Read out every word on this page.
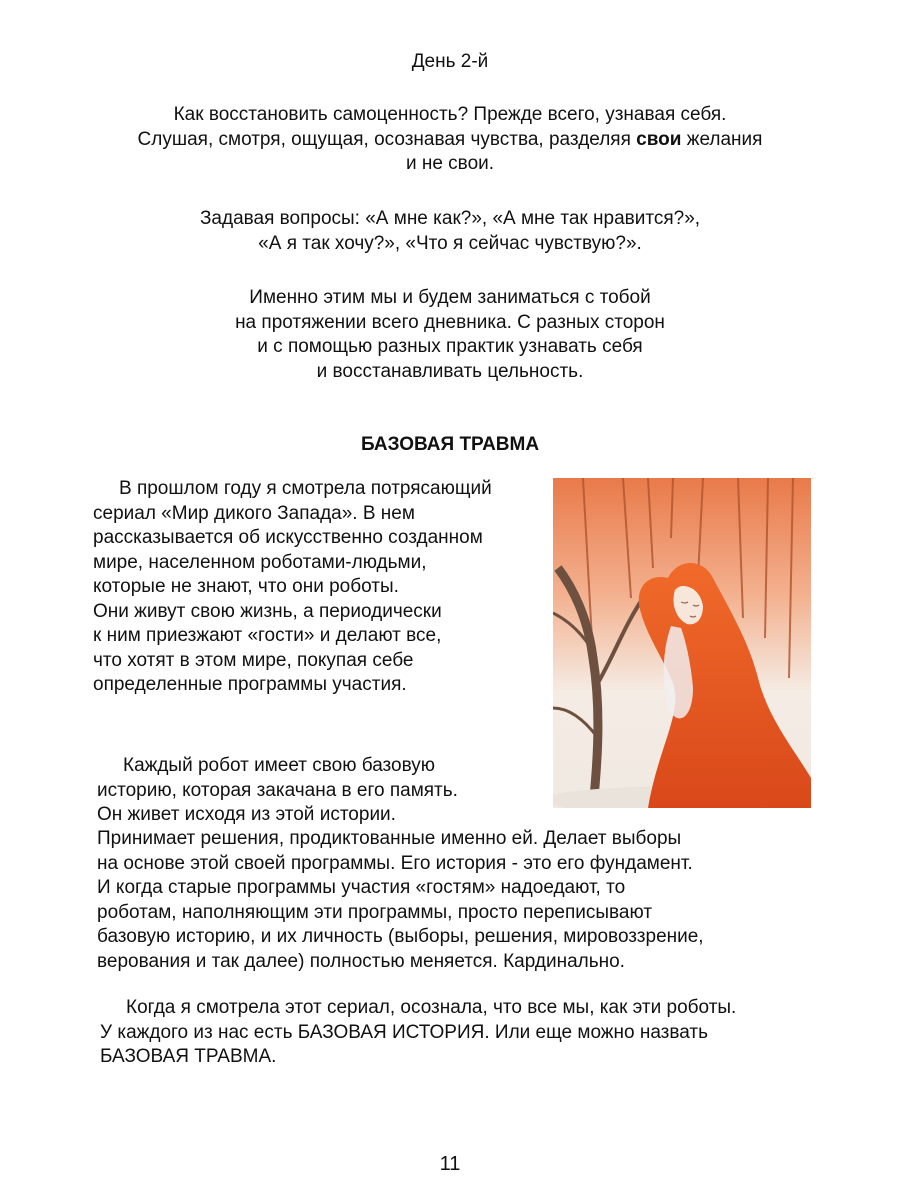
День 2-й

Как восстановить самоценность? Прежде всего, узнавая себя.
Слушая, смотря, ощущая, осознавая чувства, разделяя свои желания
и не свои.

Задавая вопросы: «А мне как?», «А мне так нравится?»,
«А я так хочу?», «Что я сейчас чувствую?».

Именно этим мы и будем заниматься с тобой
на протяжении всего дневника. С разных сторон
и с помощью разных практик узнавать себя
и восстанавливать цельность.

БАЗОВАЯ ТРАВМА

В прошлом году я смотрела потрясающий
сериал «Мир дикого Запада». В нем
рассказывается об искусственно созданном
мире, населенном роботами-людьми,
которые не знают, что они роботы.
Они живут свою жизнь, а периодически
к ним приезжают «гости» и делают все,
что хотят в этом мире, покупая себе
определенные программы участия.

Каждый робот имеет свою базовую
историю, которая закачана в его память.
Он живет исходя из этой истории.

Принимает решения, продиктованные именно ей. Делает выборы
на основе этой своей программы. Его история - это его фундамент.
И когда старые программы участия «гостям» надоедают, то
роботам, наполняющим эти программы, просто переписывают
базовую историю, и их личность (выборы, решения, мировоззрение,
верования и так далее) полностью меняется. Кардинально.

Когда я смотрела этот сериал, осознала, что все мы, как эти роботы.
У каждого из нас есть БАЗОВАЯ ИСТОРИЯ. Или еще можно назвать
БАЗОВАЯ ТРАВМА.

11
